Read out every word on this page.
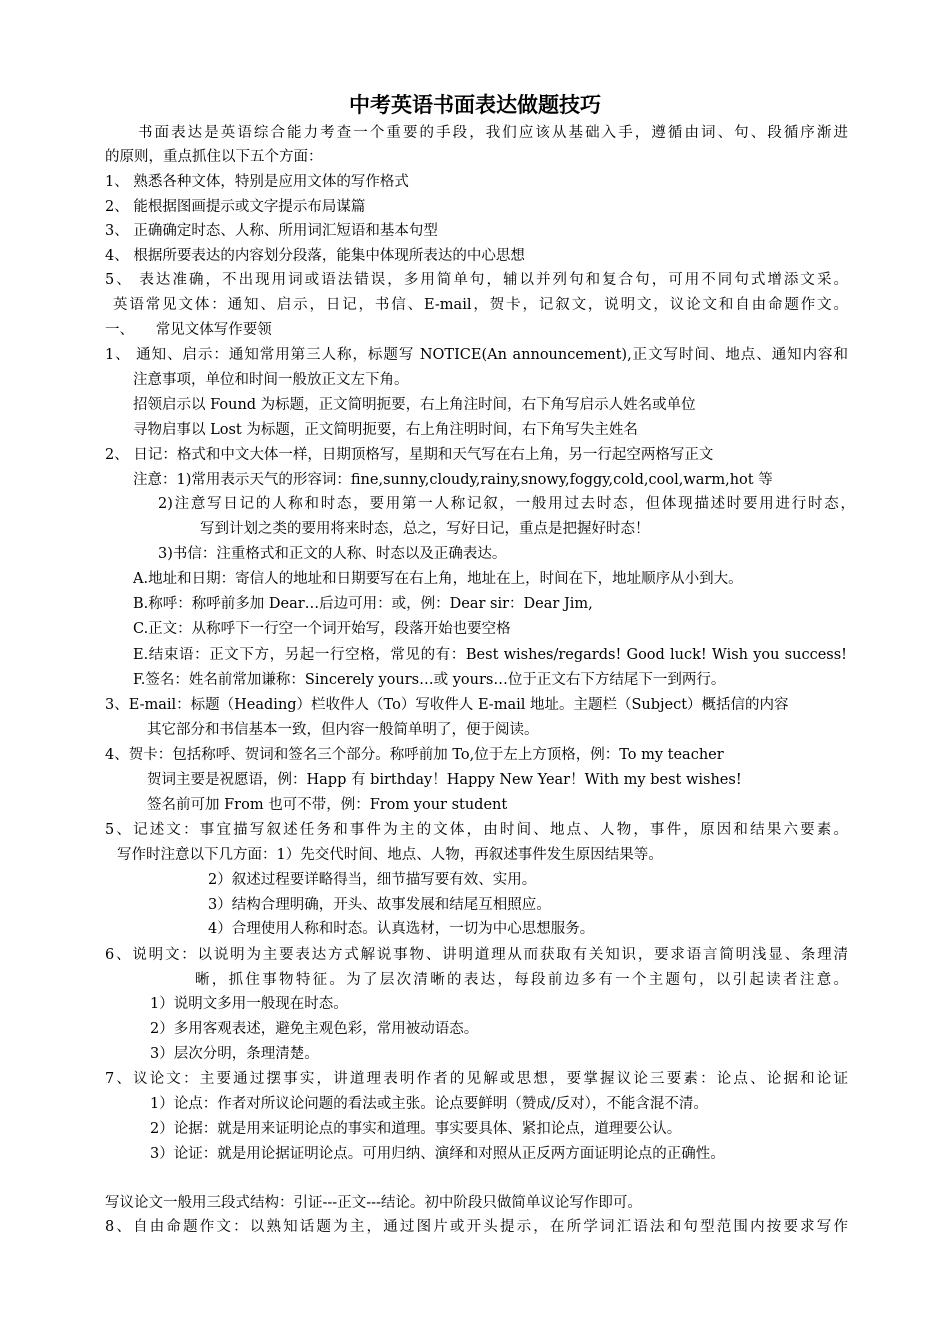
中考英语书面表达做题技巧
书面表达是英语综合能力考查一个重要的手段，我们应该从基础入手，遵循由词、句、段循序渐进
的原则，重点抓住以下五个方面：
1、 熟悉各种文体，特别是应用文体的写作格式
2、 能根据图画提示或文字提示布局谋篇
3、 正确确定时态、人称、所用词汇短语和基本句型
4、 根据所要表达的内容划分段落，能集中体现所表达的中心思想
5、 表达准确，不出现用词或语法错误，多用简单句，辅以并列句和复合句，可用不同句式增添文采。
英语常见文体：通知、启示，日记，书信、E-mail，贺卡，记叙文，说明文，议论文和自由命题作文。
一、　　常见文体写作要领
1、 通知、启示：通知常用第三人称，标题写 NOTICE(An announcement),正文写时间、地点、通知内容和
注意事项，单位和时间一般放正文左下角。
招领启示以 Found 为标题，正文简明扼要，右上角注时间，右下角写启示人姓名或单位
寻物启事以 Lost 为标题，正文简明扼要，右上角注明时间，右下角写失主姓名
2、 日记：格式和中文大体一样，日期顶格写，星期和天气写在右上角，另一行起空两格写正文
注意：1)常用表示天气的形容词：fine,sunny,cloudy,rainy,snowy,foggy,cold,cool,warm,hot 等
2)注意写日记的人称和时态，要用第一人称记叙，一般用过去时态，但体现描述时要用进行时态，
写到计划之类的要用将来时态，总之，写好日记，重点是把握好时态！
3)书信：注重格式和正文的人称、时态以及正确表达。
A.地址和日期：寄信人的地址和日期要写在右上角，地址在上，时间在下，地址顺序从小到大。
B.称呼：称呼前多加 Dear…后边可用：或，例：Dear sir：Dear Jim,
C.正文：从称呼下一行空一个词开始写，段落开始也要空格
E.结束语：正文下方，另起一行空格，常见的有：Best wishes/regards! Good luck! Wish you success!
F.签名：姓名前常加谦称：Sincerely yours…或 yours…位于正文右下方结尾下一到两行。
3、E-mail：标题（Heading）栏收件人（To）写收件人 E-mail 地址。主题栏（Subject）概括信的内容
其它部分和书信基本一致，但内容一般简单明了，便于阅读。
4、贺卡：包括称呼、贺词和签名三个部分。称呼前加 To,位于左上方顶格，例：To my teacher
贺词主要是祝愿语，例：Happ 有 birthday！Happy New Year！With my best wishes!
签名前可加 From 也可不带，例：From your student
5、记述文：事宜描写叙述任务和事件为主的文体，由时间、地点、人物，事件，原因和结果六要素。
写作时注意以下几方面：1）先交代时间、地点、人物，再叙述事件发生原因结果等。
2）叙述过程要详略得当，细节描写要有效、实用。
3）结构合理明确，开头、故事发展和结尾互相照应。
4）合理使用人称和时态。认真选材，一切为中心思想服务。
6、说明文：以说明为主要表达方式解说事物、讲明道理从而获取有关知识，要求语言简明浅显、条理清
晰，抓住事物特征。为了层次清晰的表达，每段前边多有一个主题句，以引起读者注意。
1）说明文多用一般现在时态。
2）多用客观表述，避免主观色彩，常用被动语态。
3）层次分明，条理清楚。
7、议论文：主要通过摆事实，讲道理表明作者的见解或思想，要掌握议论三要素：论点、论据和论证
1）论点：作者对所议论问题的看法或主张。论点要鲜明（赞成/反对），不能含混不清。
2）论据：就是用来证明论点的事实和道理。事实要具体、紧扣论点，道理要公认。
3）论证：就是用论据证明论点。可用归纳、演绎和对照从正反两方面证明论点的正确性。
写议论文一般用三段式结构：引证---正文---结论。初中阶段只做简单议论写作即可。
8、自由命题作文：以熟知话题为主，通过图片或开头提示，在所学词汇语法和句型范围内按要求写作
